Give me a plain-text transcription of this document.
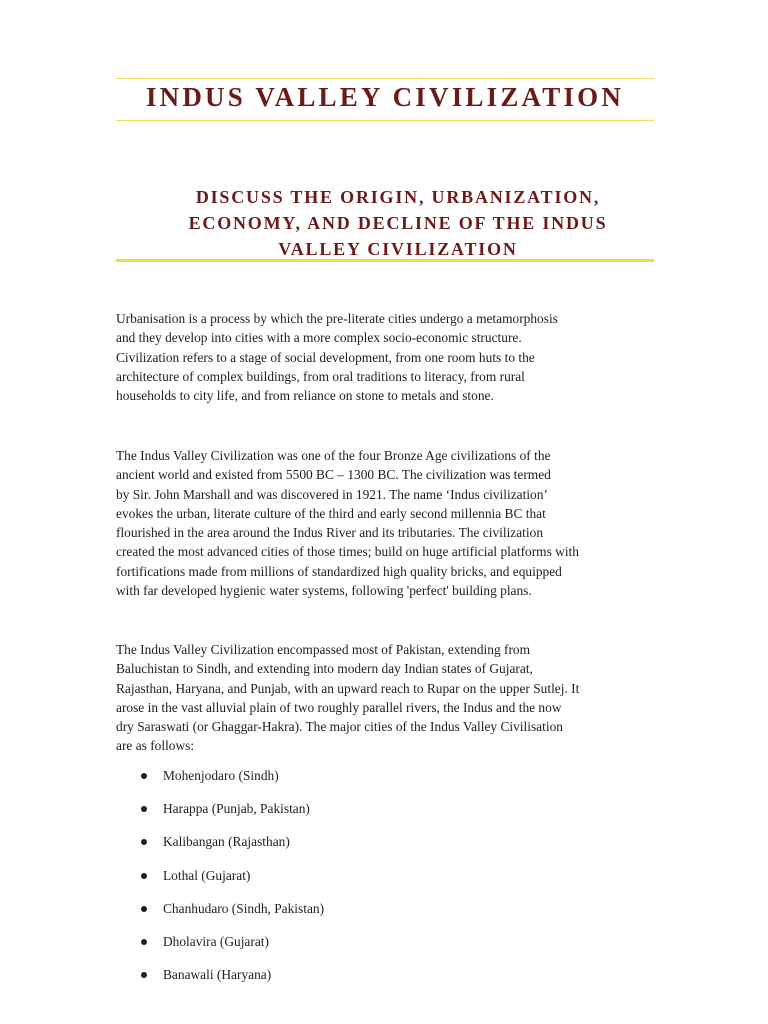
INDUS VALLEY CIVILIZATION
DISCUSS THE ORIGIN, URBANIZATION,
ECONOMY, AND DECLINE OF THE INDUS
VALLEY CIVILIZATION

Urbanisation is a process by which the pre-literate cities undergo a metamorphosis
and they develop into cities with a more complex socio-economic structure.
Civilization refers to a stage of social development, from one room huts to the
architecture of complex buildings, from oral traditions to literacy, from rural
households to city life, and from reliance on stone to metals and stone.

The Indus Valley Civilization was one of the four Bronze Age civilizations of the
ancient world and existed from 5500 BC – 1300 BC. The civilization was termed
by Sir. John Marshall and was discovered in 1921. The name ‘Indus civilization’
evokes the urban, literate culture of the third and early second millennia BC that
flourished in the area around the Indus River and its tributaries. The civilization
created the most advanced cities of those times; build on huge artificial platforms with
fortifications made from millions of standardized high quality bricks, and equipped
with far developed hygienic water systems, following 'perfect' building plans.

The Indus Valley Civilization encompassed most of Pakistan, extending from
Baluchistan to Sindh, and extending into modern day Indian states of Gujarat,
Rajasthan, Haryana, and Punjab, with an upward reach to Rupar on the upper Sutlej. It
arose in the vast alluvial plain of two roughly parallel rivers, the Indus and the now
dry Saraswati (or Ghaggar-Hakra). The major cities of the Indus Valley Civilisation
are as follows:

Mohenjodaro (Sindh)
Harappa (Punjab, Pakistan)
Kalibangan (Rajasthan)
Lothal (Gujarat)
Chanhudaro (Sindh, Pakistan)
Dholavira (Gujarat)
Banawali (Haryana)
